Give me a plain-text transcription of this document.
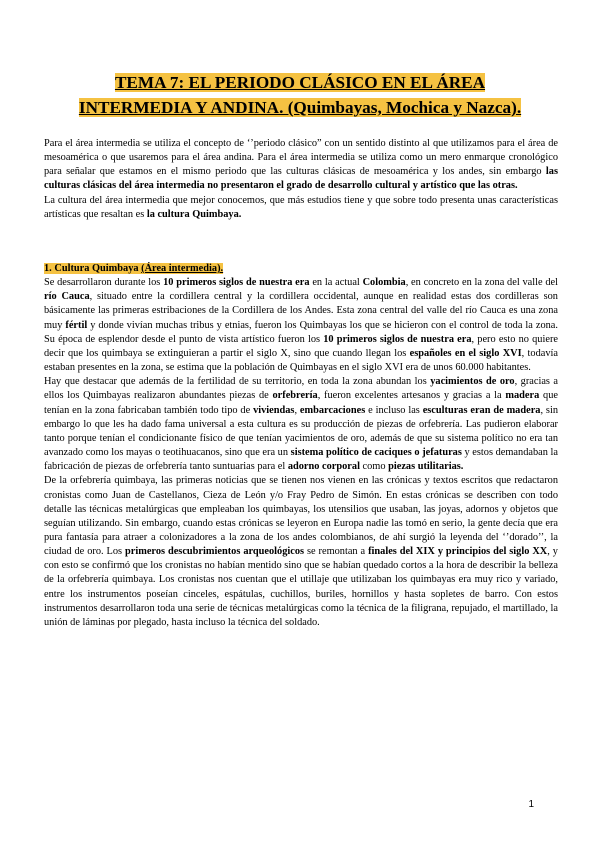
TEMA 7: EL PERIODO CLÁSICO EN EL ÁREA
INTERMEDIA Y ANDINA. (Quimbayas, Mochica y Nazca).

Para el área intermedia se utiliza el concepto de ‘’periodo clásico” con un sentido distinto al que utilizamos para el área de mesoamérica o que usaremos para el área andina. Para el área intermedia se utiliza como un mero enmarque cronológico para señalar que estamos en el mismo periodo que las culturas clásicas de mesoamérica y los andes, sin embargo las culturas clásicas del área intermedia no presentaron el grado de desarrollo cultural y artístico que las otras.

La cultura del área intermedia que mejor conocemos, que más estudios tiene y que sobre todo presenta unas características artísticas que resaltan es la cultura Quimbaya.

1. Cultura Quimbaya (Área intermedia).

Se desarrollaron durante los 10 primeros siglos de nuestra era en la actual Colombia, en concreto en la zona del valle del río Cauca, situado entre la cordillera central y la cordillera occidental, aunque en realidad estas dos cordilleras son básicamente las primeras estribaciones de la Cordillera de los Andes. Esta zona central del valle del río Cauca es una zona muy fértil y donde vivían muchas tribus y etnias, fueron los Quimbayas los que se hicieron con el control de toda la zona. Su época de esplendor desde el punto de vista artístico fueron los 10 primeros siglos de nuestra era, pero esto no quiere decir que los quimbaya se extinguieran a partir el siglo X, sino que cuando llegan los españoles en el siglo XVI, todavía estaban presentes en la zona, se estima que la población de Quimbayas en el siglo XVI era de unos 60.000 habitantes.

Hay que destacar que además de la fertilidad de su territorio, en toda la zona abundan los yacimientos de oro, gracias a ellos los Quimbayas realizaron abundantes piezas de orfebrería, fueron excelentes artesanos y gracias a la madera que tenían en la zona fabricaban también todo tipo de viviendas, embarcaciones e incluso las esculturas eran de madera, sin embargo lo que les ha dado fama universal a esta cultura es su producción de piezas de orfebrería. Las pudieron elaborar tanto porque tenían el condicionante físico de que tenían yacimientos de oro, además de que su sistema político no era tan avanzado como los mayas o teotihuacanos, sino que era un sistema político de caciques o jefaturas y estos demandaban la fabricación de piezas de orfebrería tanto suntuarias para el adorno corporal como piezas utilitarias.

De la orfebrería quimbaya, las primeras noticias que se tienen nos vienen en las crónicas y textos escritos que redactaron cronistas como Juan de Castellanos, Cieza de León y/o Fray Pedro de Simón. En estas crónicas se describen con todo detalle las técnicas metalúrgicas que empleaban los quimbayas, los utensilios que usaban, las joyas, adornos y objetos que seguían utilizando. Sin embargo, cuando estas crónicas se leyeron en Europa nadie las tomó en serio, la gente decía que era pura fantasía para atraer a colonizadores a la zona de los andes colombianos, de ahí surgió la leyenda del ‘’dorado’’, la ciudad de oro. Los primeros descubrimientos arqueológicos se remontan a finales del XIX y principios del siglo XX, y con esto se confirmó que los cronistas no habían mentido sino que se habían quedado cortos a la hora de describir la belleza de la orfebrería quimbaya. Los cronistas nos cuentan que el utillaje que utilizaban los quimbayas era muy rico y variado, entre los instrumentos poseían cinceles, espátulas, cuchillos, buriles, hornillos y hasta sopletes de barro. Con estos instrumentos desarrollaron toda una serie de técnicas metalúrgicas como la técnica de la filigrana, repujado, el martillado, la unión de láminas por plegado, hasta incluso la técnica del soldado.

1
